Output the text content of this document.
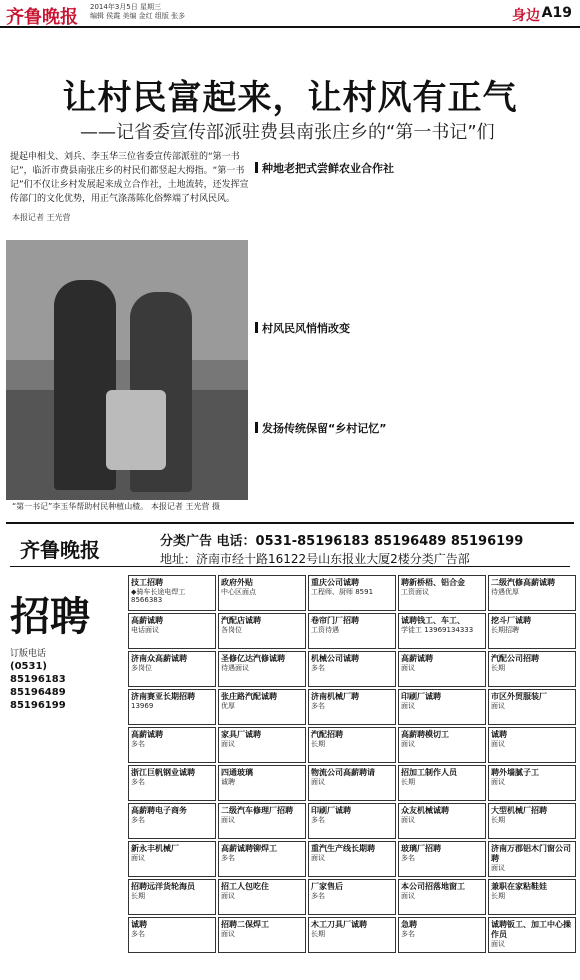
齐鲁晚报 2014年3月5日 星期三
编辑 侯霞 美编 金红 组版 张多	身边 A19
让村民富起来，让村风有正气
——记省委宣传部派驻费县南张庄乡的“第一书记”们
提起申相戈、刘兵、李玉华三位省委宣传部派驻的“第一书记”，临沂市费县南张庄乡的村民们都竖起大拇指。“第一书记”们不仅让乡村发展起来成立合作社，土地流转，还发挥宣传部门的文化优势，用正气涤荡陈化俗弊端了村风民风。
本报记者 王光营
“第一书记”李玉华帮助村民种植山楂。 本报记者 王光营 摄
种地老把式尝鲜农业合作社
村风民风悄悄改变
发扬传统保留“乡村记忆”
齐鲁晚报	分类广告 电话：0531-85196183 85196489 85196199
地址：济南市经十路16122号山东报业大厦2楼分类广告部
招聘
订版电话
(0531)
85196183
85196489
85196199
技工招聘
◆骑车长途电焊工 8566383
政府外贴
中心区面点
重庆公司诚聘
工程师、厨师 8591
聘新桥梧、铝合金
工资面议
二级汽修高薪诚聘
待遇优厚
高薪诚聘
电话面议
汽配店诚聘
各岗位
卷帘门厂招聘
工资待遇
诚聘钱工、车工、
学徒工 13969134333
挖斗厂诚聘
长期招聘
济南众高薪诚聘
多岗位
圣修亿达汽修诚聘
待遇面议
机械公司诚聘
多名
高薪诚聘
面议
汽配公司招聘
长期
济南赛亚长期招聘
13969
张庄路汽配诚聘
优厚
济南机械厂聘
多名
印刷厂诚聘
面议
市区外贸服装厂
面议
高薪诚聘
多名
家具厂诚聘
面议
汽配招聘
长期
高薪聘模切工
面议
诚聘
面议
浙江巨帆钢业诚聘
多名
四通玻璃
诚聘
物流公司高薪聘请
面议
招加工制作人员
长期
聘外墙腻子工
面议
高薪聘电子商务
多名
二级汽车修理厂招聘
面议
印刷厂诚聘
多名
众友机械诚聘
面议
大型机械厂招聘
长期
新永丰机械厂
面议
高薪诚聘铆焊工
多名
重汽生产线长期聘
面议
玻璃厂招聘
多名
济南万郡铝木门窗公司聘
面议
招聘远洋货轮海员
长期
招工人包吃住
面议
厂家售后
多名
本公司招落地窗工
面议
兼职在家粘鞋娃
长期
诚聘
多名
招聘二保焊工
面议
木工刀具厂诚聘
长期
急聘
多名
诚聘钣工、加工中心操作员
面议
